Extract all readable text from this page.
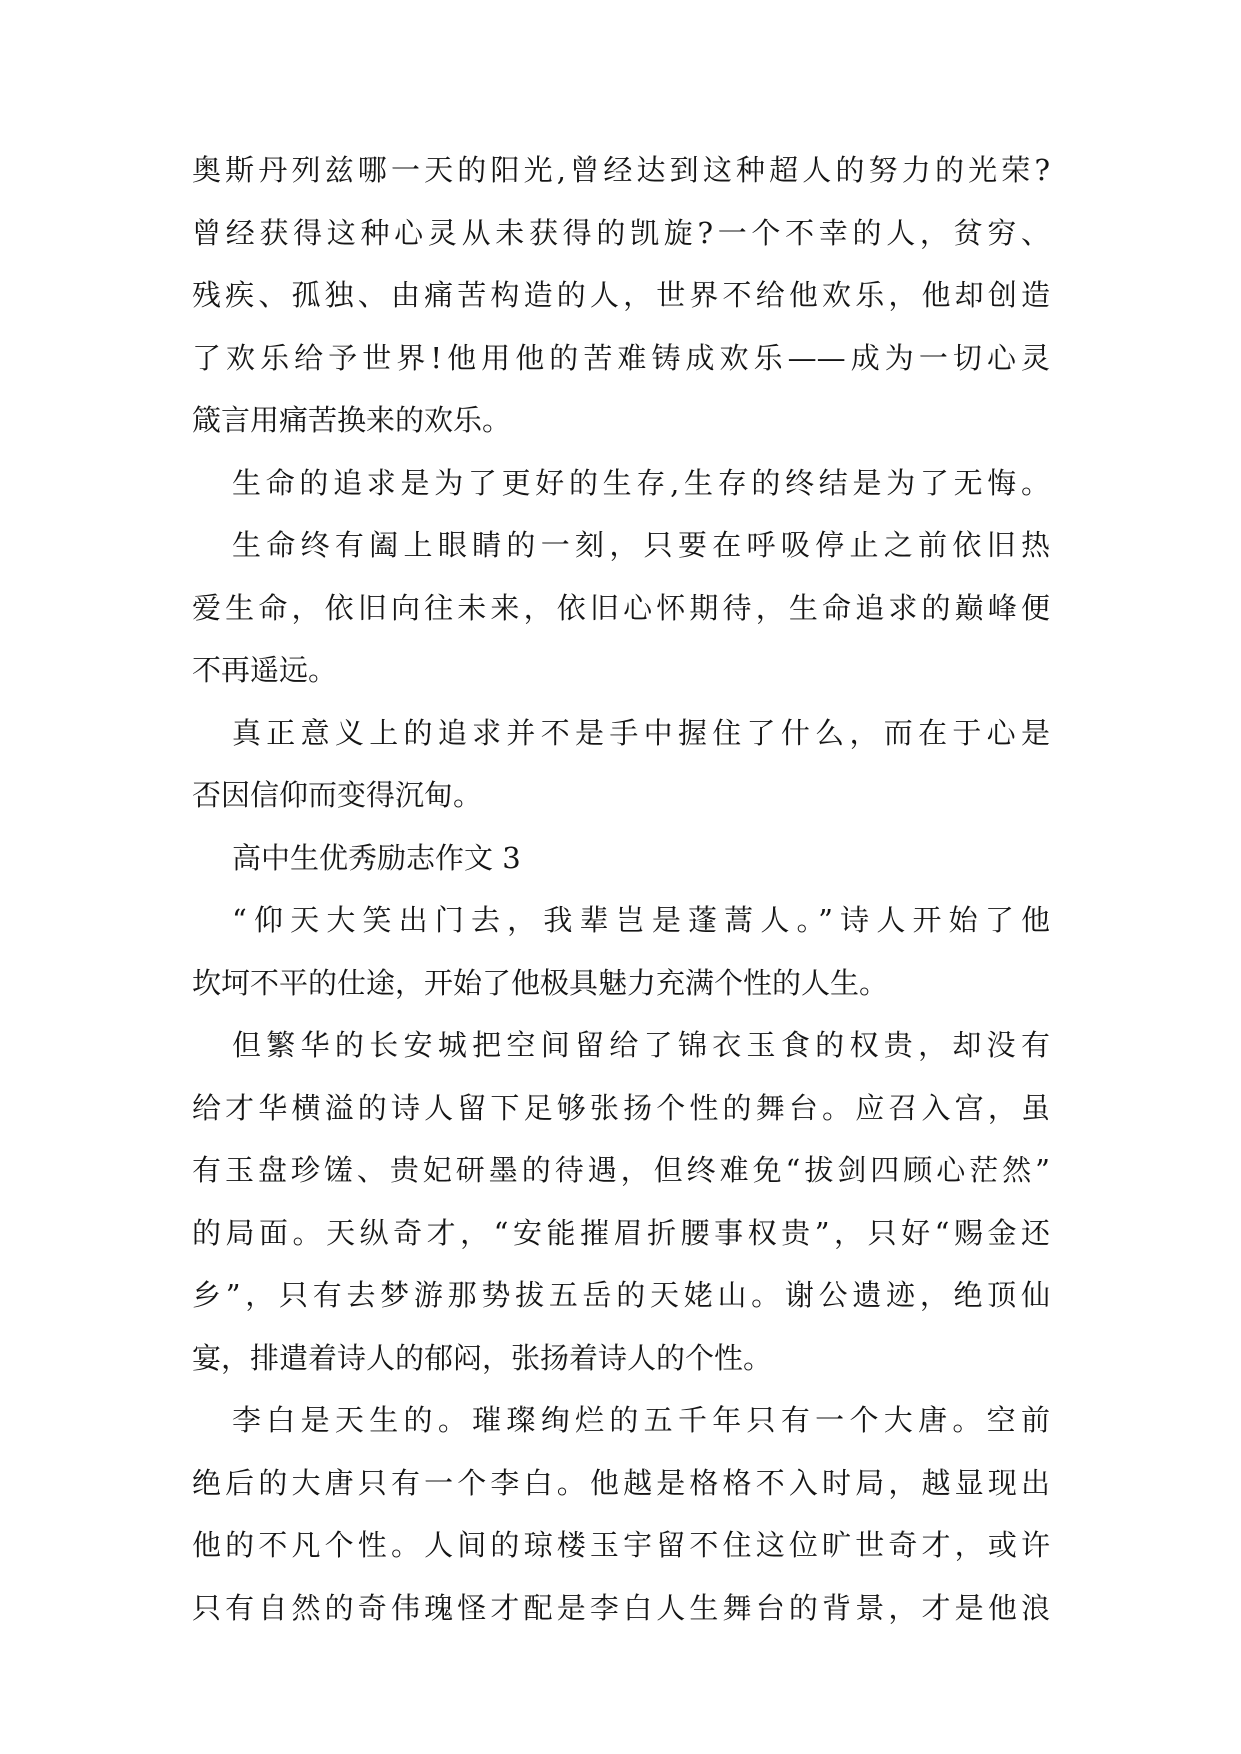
奥斯丹列兹哪一天的阳光,曾经达到这种超人的努力的光荣?
曾经获得这种心灵从未获得的凯旋?一个不幸的人，贫穷、
残疾、孤独、由痛苦构造的人，世界不给他欢乐，他却创造
了欢乐给予世界!他用他的苦难铸成欢乐——成为一切心灵
箴言用痛苦换来的欢乐。
生命的追求是为了更好的生存,生存的终结是为了无悔。
生命终有阖上眼睛的一刻，只要在呼吸停止之前依旧热
爱生命，依旧向往未来，依旧心怀期待，生命追求的巅峰便
不再遥远。
真正意义上的追求并不是手中握住了什么，而在于心是
否因信仰而变得沉甸。
高中生优秀励志作文 3
“仰天大笑出门去，我辈岂是蓬蒿人。”诗人开始了他
坎坷不平的仕途，开始了他极具魅力充满个性的人生。
但繁华的长安城把空间留给了锦衣玉食的权贵，却没有
给才华横溢的诗人留下足够张扬个性的舞台。应召入宫，虽
有玉盘珍馐、贵妃研墨的待遇，但终难免“拔剑四顾心茫然”
的局面。天纵奇才，“安能摧眉折腰事权贵”，只好“赐金还
乡”，只有去梦游那势拔五岳的天姥山。谢公遗迹，绝顶仙
宴，排遣着诗人的郁闷，张扬着诗人的个性。
李白是天生的。璀璨绚烂的五千年只有一个大唐。空前
绝后的大唐只有一个李白。他越是格格不入时局，越显现出
他的不凡个性。人间的琼楼玉宇留不住这位旷世奇才，或许
只有自然的奇伟瑰怪才配是李白人生舞台的背景，才是他浪
